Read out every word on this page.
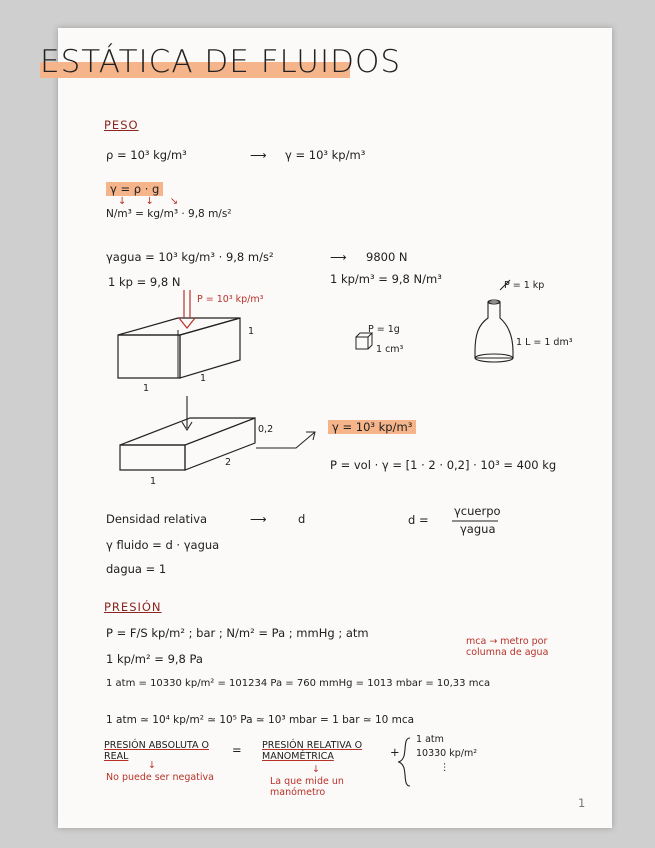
ESTÁTICA DE FLUIDOS
PESO
ρ = 10³ kg/m³	⟶ γ = 10³ kp/m³
γ = ρ · g
↓      ↓     ↘
N/m³ = kg/m³ · 9,8 m/s²
γagua = 10³ kg/m³ · 9,8 m/s²	⟶ 9800 N
1 kp = 9,8 N	1 kp/m³ = 9,8 N/m³
P = 10³ kp/m³
1
1
1
P = 1g
1 cm³
P = 1 kp
1 L = 1 dm³
0,2
2
1
γ = 10³ kp/m³
P = vol · γ = [1 · 2 · 0,2] · 10³ = 400 kg
Densidad relativa	⟶	d	d =
γcuerpo
γagua
γ fluido = d · γagua
dagua = 1
PRESIÓN
P = F/S kp/m² ; bar ; N/m² = Pa ; mmHg ; atm
mca → metro por columna de agua
1 kp/m² = 9,8 Pa
1 atm = 10330 kp/m² = 101234 Pa = 760 mmHg = 1013 mbar = 10,33 mca
1 atm ≃ 10⁴ kp/m² ≃ 10⁵ Pa ≃ 10³ mbar = 1 bar ≃ 10 mca
PRESIÓN ABSOLUTA O REAL	= PRESIÓN RELATIVA O MANOMÉTRICA	+
1 atm
10330 kp/m²
⋮
↓
No puede ser negativa
↓
La que mide un manómetro
1
